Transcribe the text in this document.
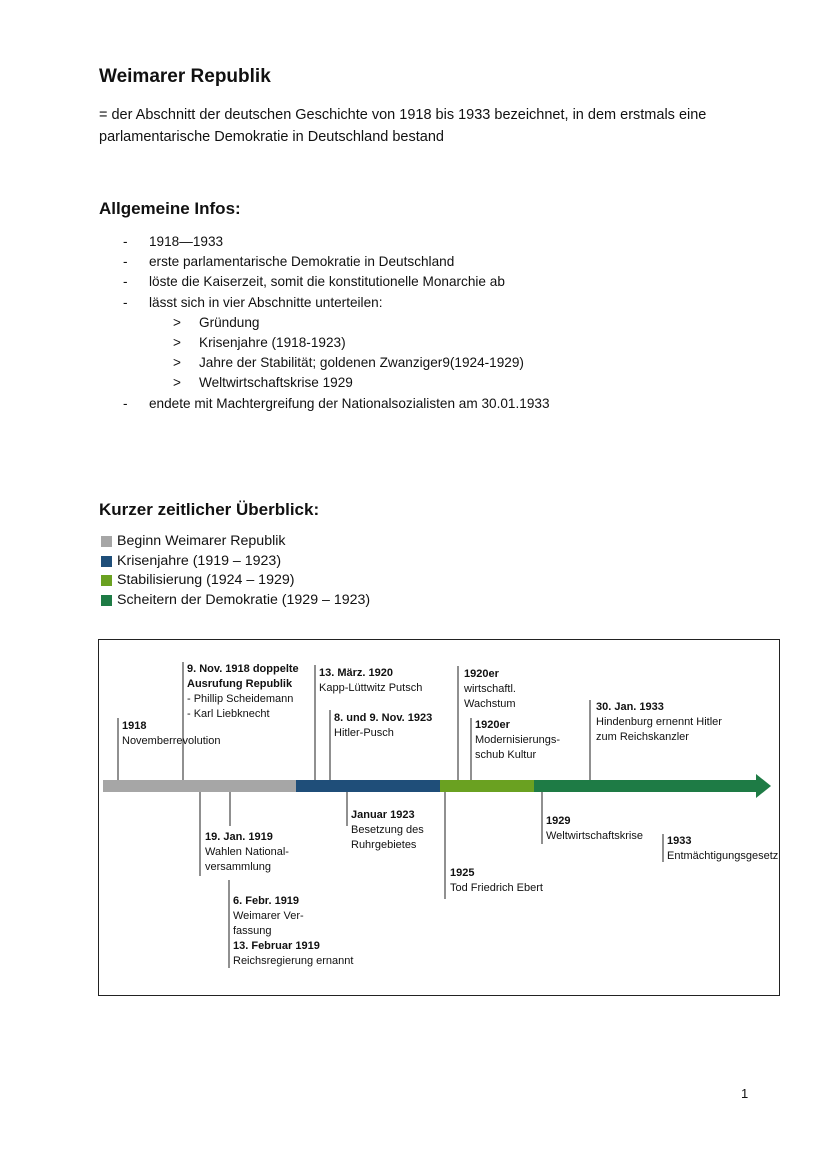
Weimarer Republik

= der Abschnitt der deutschen Geschichte von 1918 bis 1933 bezeichnet, in dem erstmals eine parlamentarische Demokratie in Deutschland bestand

Allgemeine Infos:
- 1918—1933
- erste parlamentarische Demokratie in Deutschland
- löste die Kaiserzeit, somit die konstitutionelle Monarchie ab
- lässt sich in vier Abschnitte unterteilen:
> Gründung
> Krisenjahre (1918-1923)
> Jahre der Stabilität; goldenen Zwanziger9(1924-1929)
> Weltwirtschaftskrise 1929
- endete mit Machtergreifung der Nationalsozialisten am 30.01.1933
Kurzer zeitlicher Überblick:
Beginn Weimarer Republik
Krisenjahre (1919 – 1923)
Stabilisierung (1924 – 1929)
Scheitern der Demokratie (1929 – 1923)
1918
Novemberrevolution
9. Nov. 1918 doppelte
Ausrufung Republik
- Phillip Scheidemann
- Karl Liebknecht
13. März. 1920
Kapp-Lüttwitz Putsch
8. und 9. Nov. 1923
Hitler-Pusch
1920er
wirtschaftl.
Wachstum
1920er
Modernisierungs-
schub Kultur
30. Jan. 1933
Hindenburg ernennt Hitler
zum Reichskanzler
19. Jan. 1919
Wahlen National-
versammlung
6. Febr. 1919
Weimarer Ver-
fassung
13. Februar 1919
Reichsregierung ernannt
Januar 1923
Besetzung des
Ruhrgebietes
1925
Tod Friedrich Ebert
1929
Weltwirtschaftskrise 1933
Entmächtigungsgesetz
1
